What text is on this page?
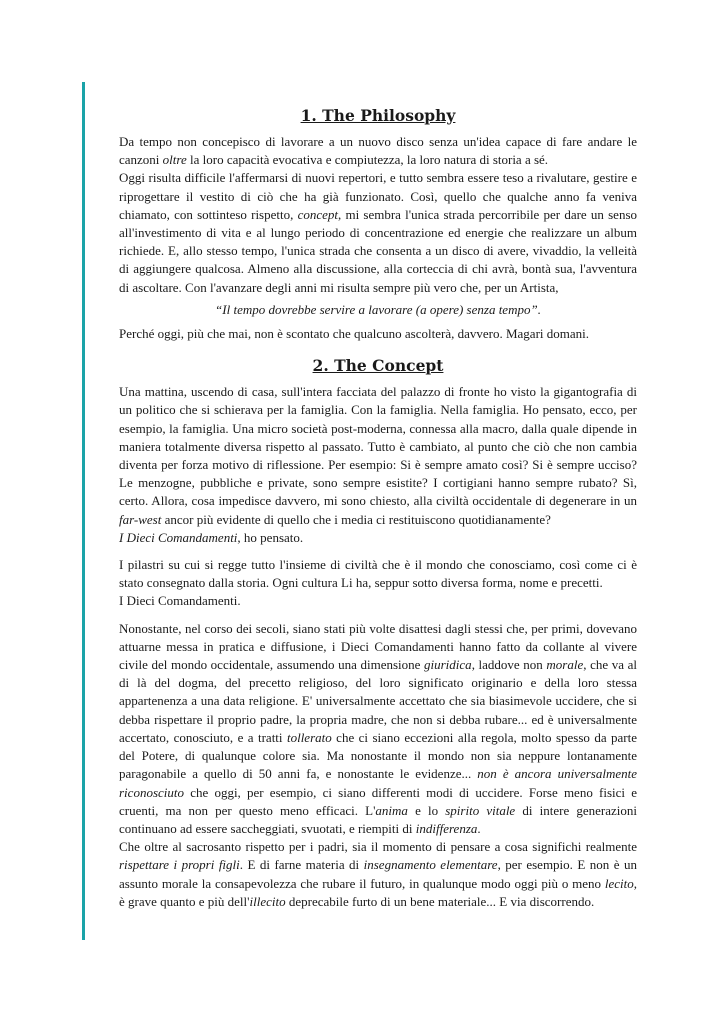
1. The Philosophy

Da tempo non concepisco di lavorare a un nuovo disco senza un'idea capace di fare andare le canzoni oltre la loro capacità evocativa e compiutezza, la loro natura di storia a sé.

Oggi risulta difficile l'affermarsi di nuovi repertori, e tutto sembra essere teso a rivalutare, gestire e riprogettare il vestito di ciò che ha già funzionato. Così, quello che qualche anno fa veniva chiamato, con sottinteso rispetto, concept, mi sembra l'unica strada percorribile per dare un senso all'investimento di vita e al lungo periodo di concentrazione ed energie che realizzare un album richiede. E, allo stesso tempo, l'unica strada che consenta a un disco di avere, vivaddio, la velleità di aggiungere qualcosa. Almeno alla discussione, alla corteccia di chi avrà, bontà sua, l'avventura di ascoltare. Con l'avanzare degli anni mi risulta sempre più vero che, per un Artista,

“Il tempo dovrebbe servire a lavorare (a opere) senza tempo”.

Perché oggi, più che mai, non è scontato che qualcuno ascolterà, davvero. Magari domani.

2. The Concept

Una mattina, uscendo di casa, sull'intera facciata del palazzo di fronte ho visto la gigantografia di un politico che si schierava per la famiglia. Con la famiglia. Nella famiglia. Ho pensato, ecco, per esempio, la famiglia. Una micro società post-moderna, connessa alla macro, dalla quale dipende in maniera totalmente diversa rispetto al passato. Tutto è cambiato, al punto che ciò che non cambia diventa per forza motivo di riflessione. Per esempio: Si è sempre amato così? Si è sempre ucciso? Le menzogne, pubbliche e private, sono sempre esistite? I cortigiani hanno sempre rubato? Sì, certo. Allora, cosa impedisce davvero, mi sono chiesto, alla civiltà occidentale di degenerare in un far-west ancor più evidente di quello che i media ci restituiscono quotidianamente?

I Dieci Comandamenti, ho pensato.

I pilastri su cui si regge tutto l'insieme di civiltà che è il mondo che conosciamo, così come ci è stato consegnato dalla storia. Ogni cultura Li ha, seppur sotto diversa forma, nome e precetti.

I Dieci Comandamenti.

Nonostante, nel corso dei secoli, siano stati più volte disattesi dagli stessi che, per primi, dovevano attuarne messa in pratica e diffusione, i Dieci Comandamenti hanno fatto da collante al vivere civile del mondo occidentale, assumendo una dimensione giuridica, laddove non morale, che va al di là del dogma, del precetto religioso, del loro significato originario e della loro stessa appartenenza a una data religione. E' universalmente accettato che sia biasimevole uccidere, che si debba rispettare il proprio padre, la propria madre, che non si debba rubare... ed è universalmente accertato, conosciuto, e a tratti tollerato che ci siano eccezioni alla regola, molto spesso da parte del Potere, di qualunque colore sia. Ma nonostante il mondo non sia neppure lontanamente paragonabile a quello di 50 anni fa, e nonostante le evidenze... non è ancora universalmente riconosciuto che oggi, per esempio, ci siano differenti modi di uccidere. Forse meno fisici e cruenti, ma non per questo meno efficaci. L'anima e lo spirito vitale di intere generazioni continuano ad essere saccheggiati, svuotati, e riempiti di indifferenza.

Che oltre al sacrosanto rispetto per i padri, sia il momento di pensare a cosa significhi realmente rispettare i propri figli. E di farne materia di insegnamento elementare, per esempio. E non è un assunto morale la consapevolezza che rubare il futuro, in qualunque modo oggi più o meno lecito, è grave quanto e più dell'illecito deprecabile furto di un bene materiale... E via discorrendo.
